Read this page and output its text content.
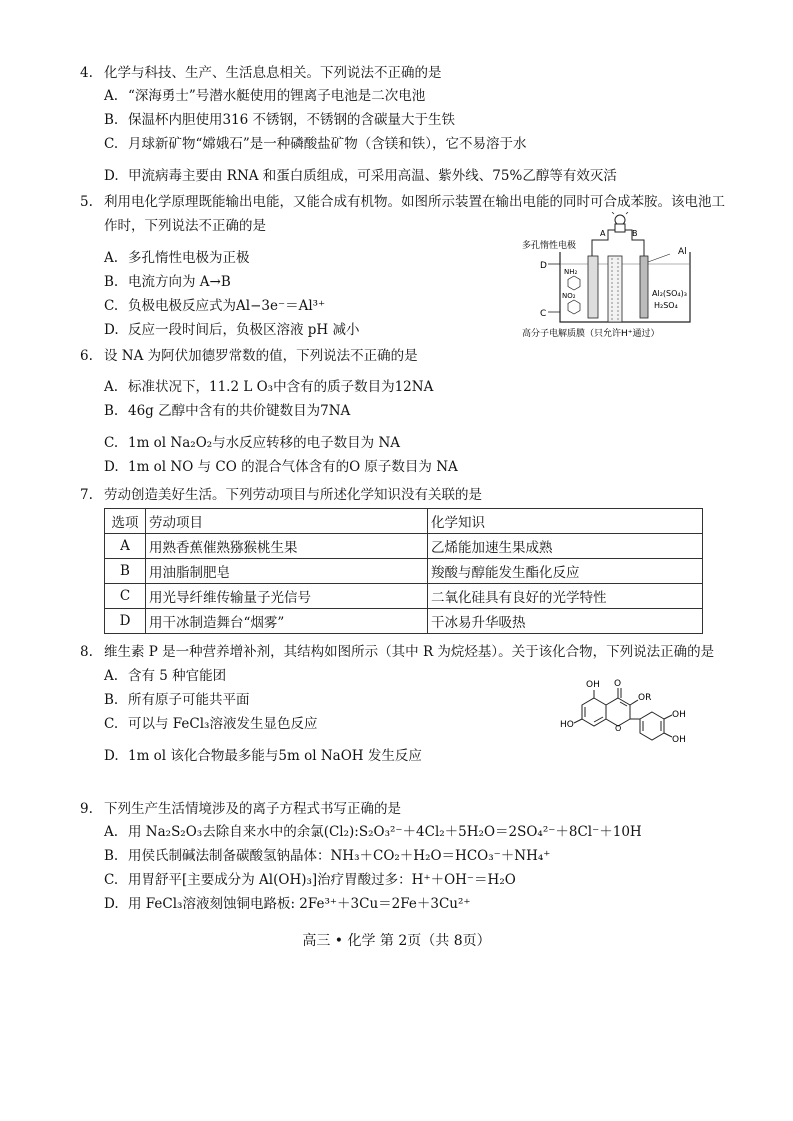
4. 化学与科技、生产、生活息息相关。下列说法不正确的是
A. “深海勇士”号潜水艇使用的锂离子电池是二次电池
B. 保温杯内胆使用316 不锈钢，不锈钢的含碳量大于生铁
C. 月球新矿物“嫦娥石”是一种磷酸盐矿物（含镁和铁），它不易溶于水
D. 甲流病毒主要由 RNA 和蛋白质组成，可采用高温、紫外线、75%乙醇等有效灭活
5. 利用电化学原理既能输出电能，又能合成有机物。如图所示装置在输出电能的同时可合成苯胺。该电池工作时，下列说法不正确的是
A. 多孔惰性电极为正极
B. 电流方向为 A→B
C. 负极电极反应式为Al−3e⁻＝Al³⁺
D. 反应一段时间后，负极区溶液 pH 减小
A	B
多孔惰性电极
Al
D
C
NH₂
NO₂	Al₂(SO₄)₃
H₂SO₄
高分子电解质膜（只允许H⁺通过）
6. 设 NA 为阿伏加德罗常数的值，下列说法不正确的是
A. 标准状况下，11.2 L O₃中含有的质子数目为12NA
B. 46g 乙醇中含有的共价键数目为7NA
C. 1m ol Na₂O₂与水反应转移的电子数目为 NA
D. 1m ol NO 与 CO 的混合气体含有的O 原子数目为 NA
7. 劳动创造美好生活。下列劳动项目与所述化学知识没有关联的是
选项	劳动项目	化学知识
A	用熟香蕉催熟猕猴桃生果	乙烯能加速生果成熟
B	用油脂制肥皂	羧酸与醇能发生酯化反应
C	用光导纤维传输量子光信号	二氧化硅具有良好的光学特性
D	用干冰制造舞台“烟雾”	干冰易升华吸热
8. 维生素 P 是一种营养增补剂，其结构如图所示（其中 R 为烷烃基）。关于该化合物，下列说法正确的是
A. 含有 5 种官能团
B. 所有原子可能共平面
C. 可以与 FeCl₃溶液发生显色反应
D. 1m ol 该化合物最多能与5m ol NaOH 发生反应
OH O
OR
HO	O
OH
OH
9. 下列生产生活情境涉及的离子方程式书写正确的是
A. 用 Na₂S₂O₃去除自来水中的余氯(Cl₂):S₂O₃²⁻＋4Cl₂＋5H₂O＝2SO₄²⁻＋8Cl⁻＋10H
B. 用侯氏制碱法制备碳酸氢钠晶体：NH₃＋CO₂＋H₂O＝HCO₃⁻＋NH₄⁺
C. 用胃舒平[主要成分为 Al(OH)₃]治疗胃酸过多：H⁺＋OH⁻＝H₂O
D. 用 FeCl₃溶液刻蚀铜电路板: 2Fe³⁺＋3Cu＝2Fe＋3Cu²⁺
高三 • 化学 第 2页（共 8页）
